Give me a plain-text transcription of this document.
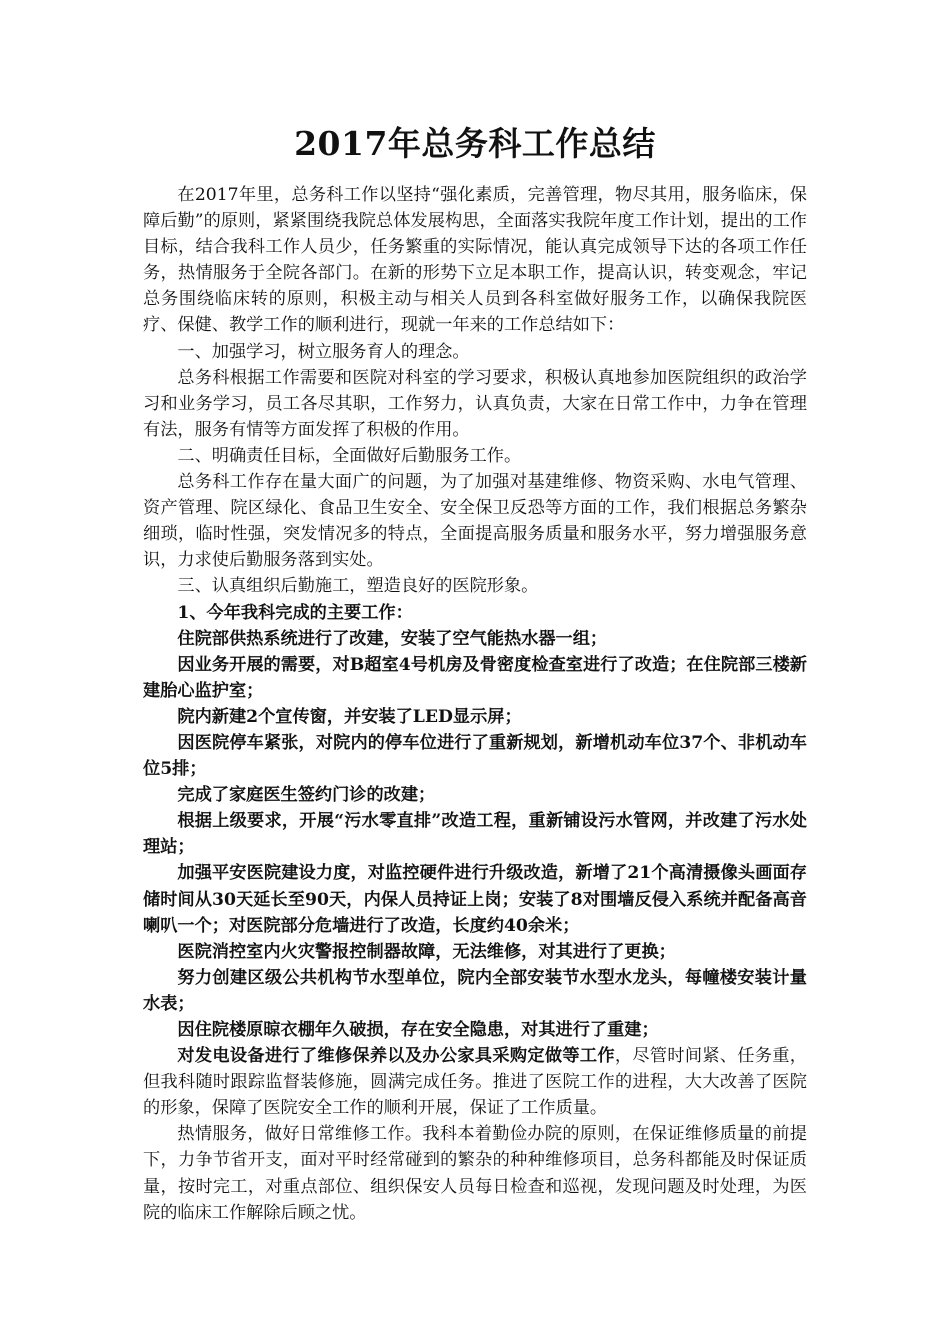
2017年总务科工作总结

在2017年里，总务科工作以坚持“强化素质，完善管理，物尽其用，服务临床，保障后勤”的原则，紧紧围绕我院总体发展构思，全面落实我院年度工作计划，提出的工作目标，结合我科工作人员少，任务繁重的实际情况，能认真完成领导下达的各项工作任务，热情服务于全院各部门。在新的形势下立足本职工作，提高认识，转变观念，牢记总务围绕临床转的原则，积极主动与相关人员到各科室做好服务工作，以确保我院医疗、保健、教学工作的顺利进行，现就一年来的工作总结如下：

一、加强学习，树立服务育人的理念。

总务科根据工作需要和医院对科室的学习要求，积极认真地参加医院组织的政治学习和业务学习，员工各尽其职，工作努力，认真负责，大家在日常工作中，力争在管理有法，服务有情等方面发挥了积极的作用。

二、明确责任目标，全面做好后勤服务工作。

总务科工作存在量大面广的问题，为了加强对基建维修、物资采购、水电气管理、资产管理、院区绿化、食品卫生安全、安全保卫反恐等方面的工作，我们根据总务繁杂细琐，临时性强，突发情况多的特点，全面提高服务质量和服务水平，努力增强服务意识，力求使后勤服务落到实处。

三、认真组织后勤施工，塑造良好的医院形象。

1、今年我科完成的主要工作：

住院部供热系统进行了改建，安装了空气能热水器一组；

因业务开展的需要，对B超室4号机房及骨密度检查室进行了改造；在住院部三楼新建胎心监护室；

院内新建2个宣传窗，并安装了LED显示屏；

因医院停车紧张，对院内的停车位进行了重新规划，新增机动车位37个、非机动车位5排；

完成了家庭医生签约门诊的改建；

根据上级要求，开展“污水零直排”改造工程，重新铺设污水管网，并改建了污水处理站；

加强平安医院建设力度，对监控硬件进行升级改造，新增了21个高清摄像头画面存储时间从30天延长至90天，内保人员持证上岗；安装了8对围墙反侵入系统并配备高音喇叭一个；对医院部分危墙进行了改造，长度约40余米；

医院消控室内火灾警报控制器故障，无法维修，对其进行了更换；

努力创建区级公共机构节水型单位，院内全部安装节水型水龙头，每幢楼安装计量水表；

因住院楼原晾衣棚年久破损，存在安全隐患，对其进行了重建；

对发电设备进行了维修保养以及办公家具采购定做等工作，尽管时间紧、任务重，但我科随时跟踪监督装修施，圆满完成任务。推进了医院工作的进程，大大改善了医院的形象，保障了医院安全工作的顺利开展，保证了工作质量。

热情服务，做好日常维修工作。我科本着勤俭办院的原则，在保证维修质量的前提下，力争节省开支，面对平时经常碰到的繁杂的种种维修项目，总务科都能及时保证质量，按时完工，对重点部位、组织保安人员每日检查和巡视，发现问题及时处理，为医院的临床工作解除后顾之忧。
